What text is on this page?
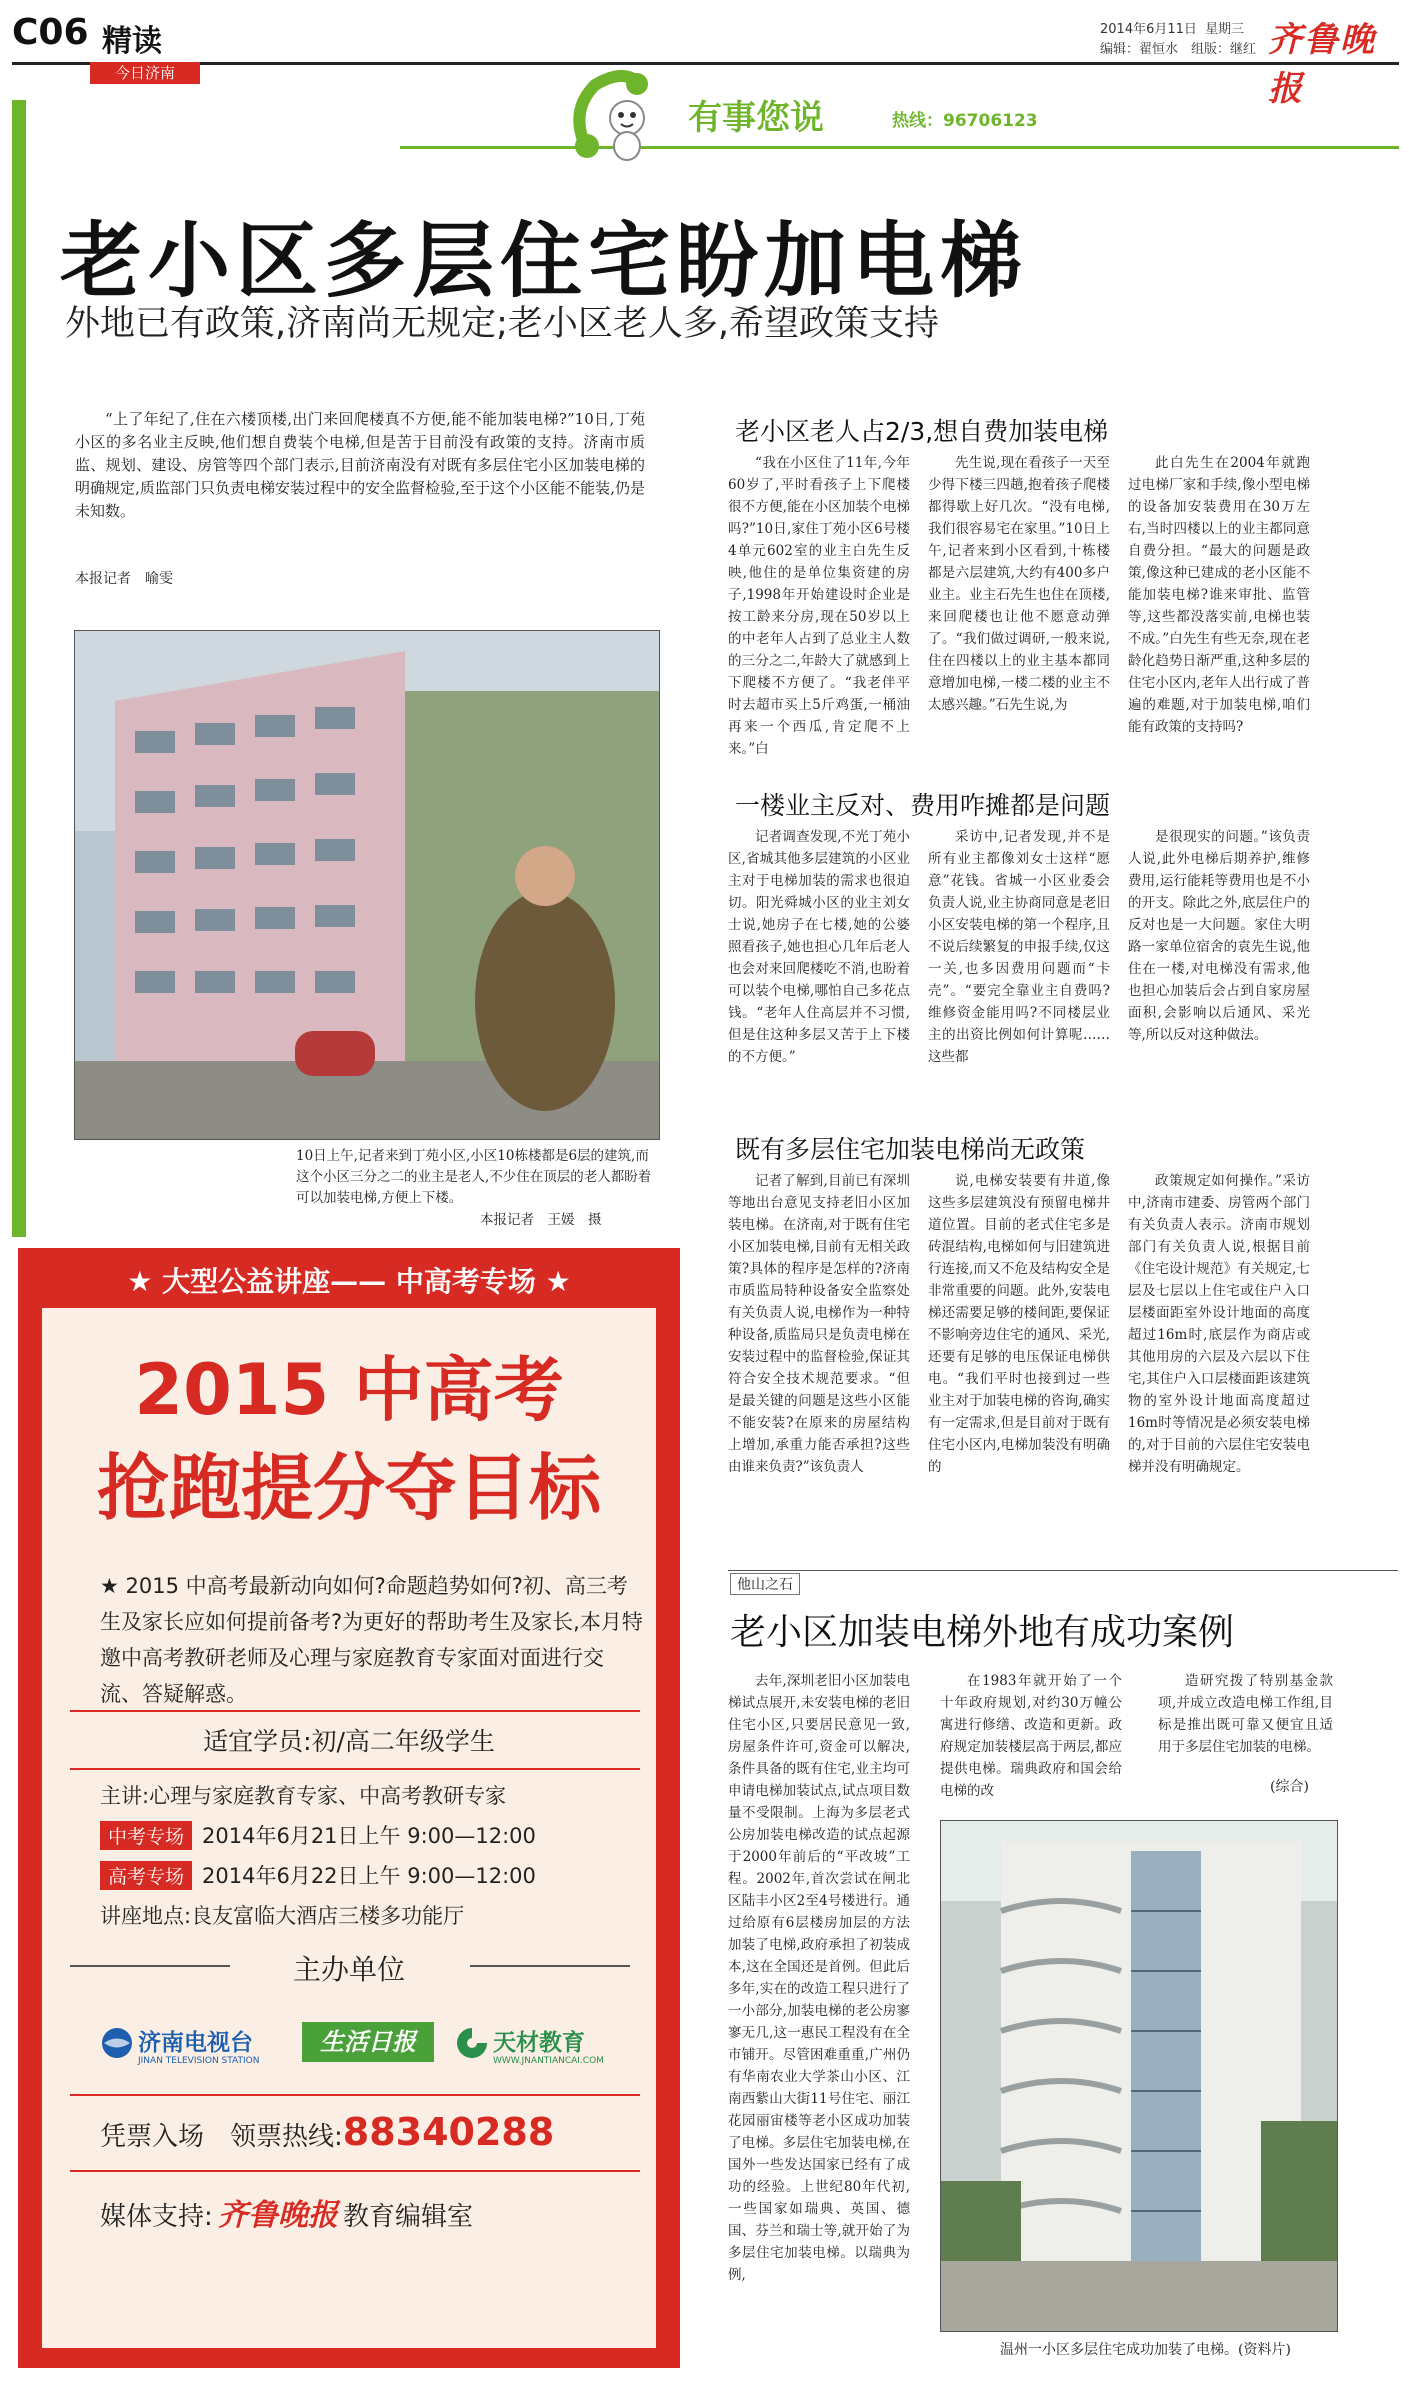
C06 精读
今日济南
2014年6月11日 星期三
编辑：翟恒水　组版：继红 齐鲁晚报
有事您说	热线：96706123
老小区多层住宅盼加电梯
外地已有政策,济南尚无规定;老小区老人多,希望政策支持
“上了年纪了,住在六楼顶楼,出门来回爬楼真不方便,能不能加装电梯?”10日,丁苑小区的多名业主反映,他们想自费装个电梯,但是苦于目前没有政策的支持。济南市质监、规划、建设、房管等四个部门表示,目前济南没有对既有多层住宅小区加装电梯的明确规定,质监部门只负责电梯安装过程中的安全监督检验,至于这个小区能不能装,仍是未知数。
本报记者　喻雯
10日上午,记者来到丁苑小区,小区10栋楼都是6层的建筑,而这个小区三分之二的业主是老人,不少住在顶层的老人都盼着可以加装电梯,方便上下楼。
本报记者　王媛　摄
老小区老人占2/3,想自费加装电梯
“我在小区住了11年,今年60岁了,平时看孩子上下爬楼很不方便,能在小区加装个电梯吗?”10日,家住丁苑小区6号楼4单元602室的业主白先生反映,他住的是单位集资建的房子,1998年开始建设时企业是按工龄来分房,现在50岁以上的中老年人占到了总业主人数的三分之二,年龄大了就感到上下爬楼不方便了。“我老伴平时去超市买上5斤鸡蛋,一桶油再来一个西瓜,肯定爬不上来。”白
先生说,现在看孩子一天至少得下楼三四趟,抱着孩子爬楼都得歇上好几次。“没有电梯,我们很容易宅在家里。”10日上午,记者来到小区看到,十栋楼都是六层建筑,大约有400多户业主。业主石先生也住在顶楼,来回爬楼也让他不愿意动弹了。“我们做过调研,一般来说,住在四楼以上的业主基本都同意增加电梯,一楼二楼的业主不太感兴趣。”石先生说,为
此白先生在2004年就跑过电梯厂家和手续,像小型电梯的设备加安装费用在30万左右,当时四楼以上的业主都同意自费分担。“最大的问题是政策,像这种已建成的老小区能不能加装电梯?谁来审批、监管等,这些都没落实前,电梯也装不成。”白先生有些无奈,现在老龄化趋势日渐严重,这种多层的住宅小区内,老年人出行成了普遍的难题,对于加装电梯,咱们能有政策的支持吗?
一楼业主反对、费用咋摊都是问题
记者调查发现,不光丁苑小区,省城其他多层建筑的小区业主对于电梯加装的需求也很迫切。阳光舜城小区的业主刘女士说,她房子在七楼,她的公婆照看孩子,她也担心几年后老人也会对来回爬楼吃不消,也盼着可以装个电梯,哪怕自己多花点钱。“老年人住高层并不习惯,但是住这种多层又苦于上下楼的不方便。”
采访中,记者发现,并不是所有业主都像刘女士这样“愿意”花钱。省城一小区业委会负责人说,业主协商同意是老旧小区安装电梯的第一个程序,且不说后续繁复的申报手续,仅这一关,也多因费用问题而“卡壳”。“要完全靠业主自费吗?维修资金能用吗?不同楼层业主的出资比例如何计算呢……这些都
是很现实的问题。”该负责人说,此外电梯后期养护,维修费用,运行能耗等费用也是不小的开支。除此之外,底层住户的反对也是一大问题。家住大明路一家单位宿舍的袁先生说,他住在一楼,对电梯没有需求,他也担心加装后会占到自家房屋面积,会影响以后通风、采光等,所以反对这种做法。
既有多层住宅加装电梯尚无政策
记者了解到,目前已有深圳等地出台意见支持老旧小区加装电梯。在济南,对于既有住宅小区加装电梯,目前有无相关政策?具体的程序是怎样的?济南市质监局特种设备安全监察处有关负责人说,电梯作为一种特种设备,质监局只是负责电梯在安装过程中的监督检验,保证其符合安全技术规范要求。“但是最关键的问题是这些小区能不能安装?在原来的房屋结构上增加,承重力能否承担?这些由谁来负责?”该负责人
说,电梯安装要有井道,像这些多层建筑没有预留电梯井道位置。目前的老式住宅多是砖混结构,电梯如何与旧建筑进行连接,而又不危及结构安全是非常重要的问题。此外,安装电梯还需要足够的楼间距,要保证不影响旁边住宅的通风、采光,还要有足够的电压保证电梯供电。“我们平时也接到过一些业主对于加装电梯的咨询,确实有一定需求,但是目前对于既有住宅小区内,电梯加装没有明确的
政策规定如何操作。”采访中,济南市建委、房管两个部门有关负责人表示。济南市规划部门有关负责人说,根据目前《住宅设计规范》有关规定,七层及七层以上住宅或住户入口层楼面距室外设计地面的高度超过16m时,底层作为商店或其他用房的六层及六层以下住宅,其住户入口层楼面距该建筑物的室外设计地面高度超过16m时等情况是必须安装电梯的,对于目前的六层住宅安装电梯并没有明确规定。
他山之石
老小区加装电梯外地有成功案例
去年,深圳老旧小区加装电梯试点展开,未安装电梯的老旧住宅小区,只要居民意见一致,房屋条件许可,资金可以解决,条件具备的既有住宅,业主均可申请电梯加装试点,试点项目数量不受限制。上海为多层老式公房加装电梯改造的试点起源于2000年前后的“平改坡”工程。2002年,首次尝试在闸北区陆丰小区2至4号楼进行。通过给原有6层楼房加层的方法加装了电梯,政府承担了初装成本,这在全国还是首例。但此后多年,实在的改造工程只进行了一小部分,加装电梯的老公房寥寥无几,这一惠民工程没有在全市铺开。尽管困难重重,广州仍有华南农业大学茶山小区、江南西紫山大街11号住宅、丽江花园丽宙楼等老小区成功加装了电梯。多层住宅加装电梯,在国外一些发达国家已经有了成功的经验。上世纪80年代初,一些国家如瑞典、英国、德国、芬兰和瑞士等,就开始了为多层住宅加装电梯。以瑞典为例,
在1983年就开始了一个十年政府规划,对约30万幢公寓进行修缮、改造和更新。政府规定加装楼层高于两层,都应提供电梯。瑞典政府和国会给电梯的改
造研究拨了特别基金款项,并成立改造电梯工作组,目标是推出既可靠又便宜且适用于多层住宅加装的电梯。
(综合)
温州一小区多层住宅成功加装了电梯。(资料片)
★ 大型公益讲座—— 中高考专场 ★
2015 中高考
抢跑提分夺目标
★ 2015 中高考最新动向如何?命题趋势如何?初、高三考生及家长应如何提前备考?为更好的帮助考生及家长,本月特邀中高考教研老师及心理与家庭教育专家面对面进行交流、答疑解惑。
适宜学员:初/高二年级学生
主讲:心理与家庭教育专家、中高考教研专家
中考专场 2014年6月21日上午 9:00—12:00
高考专场 2014年6月22日上午 9:00—12:00
讲座地点:良友富临大酒店三楼多功能厅
主办单位
济南电视台
JINAN TELEVISION STATION
生活日报	天材教育
WWW.JNANTIANCAI.COM
凭票入场　领票热线:88340288
媒体支持: 齐鲁晚报 教育编辑室
